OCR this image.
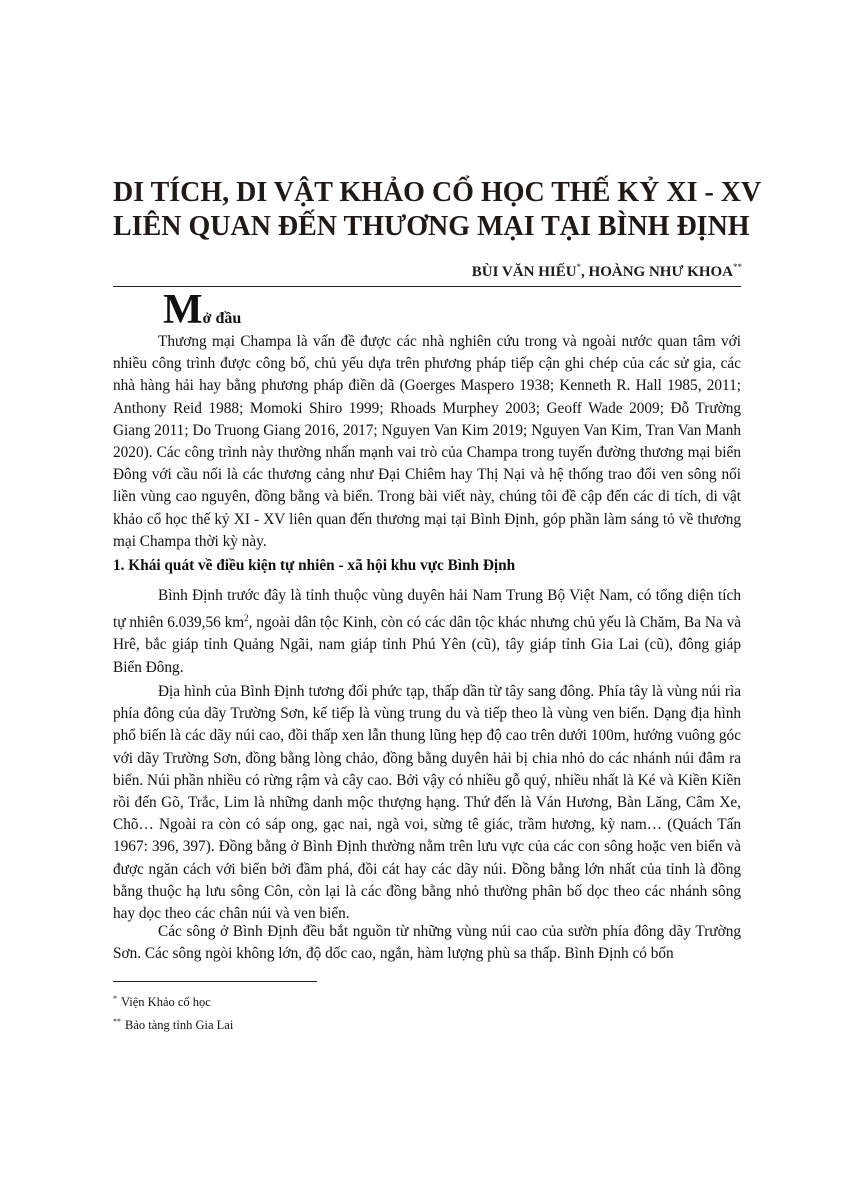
DI TÍCH, DI VẬT KHẢO CỔ HỌC THẾ KỶ XI - XV
LIÊN QUAN ĐẾN THƯƠNG MẠI TẠI BÌNH ĐỊNH
BÙI VĂN HIẾU*, HOÀNG NHƯ KHOA**
Mở đầu

Thương mại Champa là vấn đề được các nhà nghiên cứu trong và ngoài nước quan tâm với nhiều công trình được công bố, chủ yếu dựa trên phương pháp tiếp cận ghi chép của các sử gia, các nhà hàng hải hay bằng phương pháp điền dã (Goerges Maspero 1938; Kenneth R. Hall 1985, 2011; Anthony Reid 1988; Momoki Shiro 1999; Rhoads Murphey 2003; Geoff Wade 2009; Đỗ Trường Giang 2011; Do Truong Giang 2016, 2017; Nguyen Van Kim 2019; Nguyen Van Kim, Tran Van Manh 2020). Các công trình này thường nhấn mạnh vai trò của Champa trong tuyến đường thương mại biển Đông với cầu nối là các thương cảng như Đại Chiêm hay Thị Nại và hệ thống trao đổi ven sông nối liền vùng cao nguyên, đồng bằng và biển. Trong bài viết này, chúng tôi đề cập đến các di tích, di vật khảo cổ học thế kỷ XI - XV liên quan đến thương mại tại Bình Định, góp phần làm sáng tỏ về thương mại Champa thời kỳ này.

1. Khái quát về điều kiện tự nhiên - xã hội khu vực Bình Định

Bình Định trước đây là tỉnh thuộc vùng duyên hải Nam Trung Bộ Việt Nam, có tổng diện tích tự nhiên 6.039,56 $km^2$, ngoài dân tộc Kinh, còn có các dân tộc khác nhưng chủ yếu là Chăm, Ba Na và Hrê, bắc giáp tỉnh Quảng Ngãi, nam giáp tỉnh Phú Yên (cũ), tây giáp tỉnh Gia Lai (cũ), đông giáp Biển Đông.

Địa hình của Bình Định tương đối phức tạp, thấp dần từ tây sang đông. Phía tây là vùng núi rìa phía đông của dãy Trường Sơn, kế tiếp là vùng trung du và tiếp theo là vùng ven biển. Dạng địa hình phổ biến là các dãy núi cao, đồi thấp xen lẫn thung lũng hẹp độ cao trên dưới 100m, hướng vuông góc với dãy Trường Sơn, đồng bằng lòng chảo, đồng bằng duyên hải bị chia nhỏ do các nhánh núi đâm ra biển. Núi phần nhiều có rừng rậm và cây cao. Bởi vậy có nhiều gỗ quý, nhiều nhất là Ké và Kiền Kiền rồi đến Gõ, Trắc, Lim là những danh mộc thượng hạng. Thứ đến là Ván Hương, Bàn Lăng, Câm Xe, Chõ… Ngoài ra còn có sáp ong, gạc nai, ngà voi, sừng tê giác, trầm hương, kỳ nam… (Quách Tấn 1967: 396, 397). Đồng bằng ở Bình Định thường nằm trên lưu vực của các con sông hoặc ven biển và được ngăn cách với biển bởi đầm phá, đồi cát hay các dãy núi. Đồng bằng lớn nhất của tỉnh là đồng bằng thuộc hạ lưu sông Côn, còn lại là các đồng bằng nhỏ thường phân bố dọc theo các nhánh sông hay dọc theo các chân núi và ven biển.

Các sông ở Bình Định đều bắt nguồn từ những vùng núi cao của sườn phía đông dãy Trường Sơn. Các sông ngòi không lớn, độ dốc cao, ngắn, hàm lượng phù sa thấp. Bình Định có bốn

* Viện Khảo cổ học
** Bảo tàng tỉnh Gia Lai
